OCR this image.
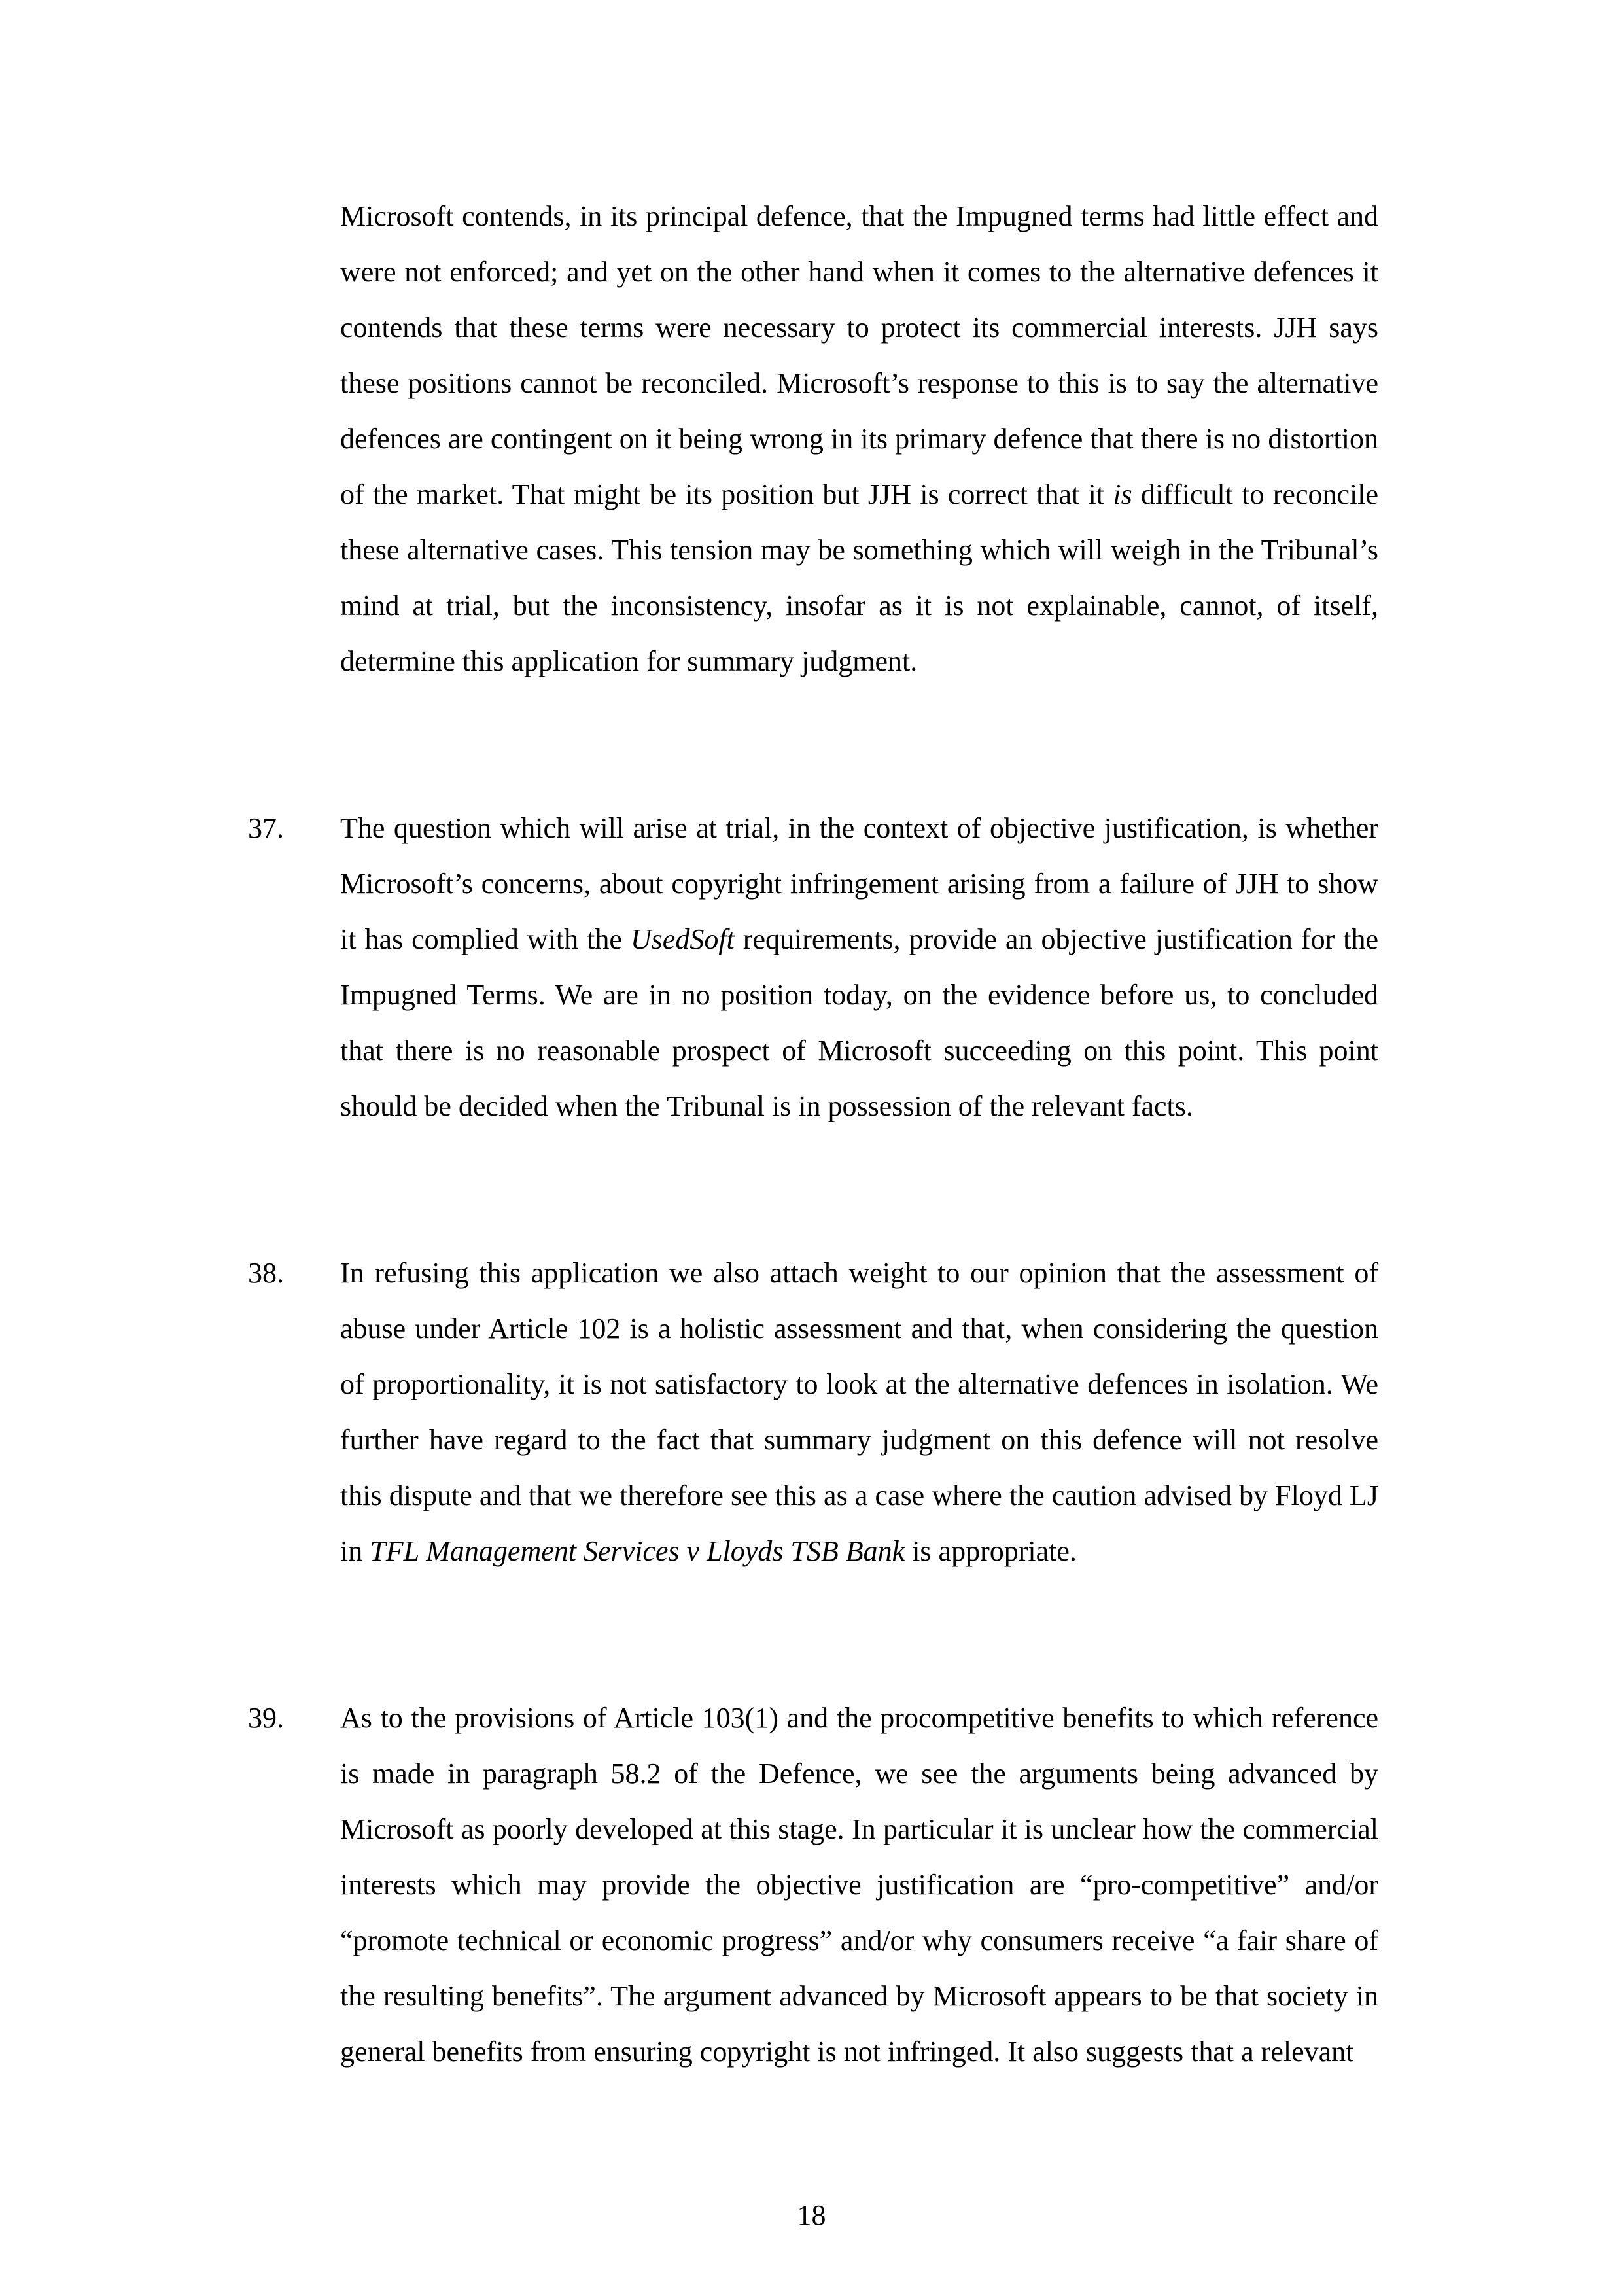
Microsoft contends, in its principal defence, that the Impugned terms had little effect and were not enforced; and yet on the other hand when it comes to the alternative defences it contends that these terms were necessary to protect its commercial interests. JJH says these positions cannot be reconciled. Microsoft’s response to this is to say the alternative defences are contingent on it being wrong in its primary defence that there is no distortion of the market. That might be its position but JJH is correct that it is difficult to reconcile these alternative cases. This tension may be something which will weigh in the Tribunal’s mind at trial, but the inconsistency, insofar as it is not explainable, cannot, of itself, determine this application for summary judgment.
37. The question which will arise at trial, in the context of objective justification, is whether Microsoft’s concerns, about copyright infringement arising from a failure of JJH to show it has complied with the UsedSoft requirements, provide an objective justification for the Impugned Terms. We are in no position today, on the evidence before us, to concluded that there is no reasonable prospect of Microsoft succeeding on this point. This point should be decided when the Tribunal is in possession of the relevant facts.
38. In refusing this application we also attach weight to our opinion that the assessment of abuse under Article 102 is a holistic assessment and that, when considering the question of proportionality, it is not satisfactory to look at the alternative defences in isolation. We further have regard to the fact that summary judgment on this defence will not resolve this dispute and that we therefore see this as a case where the caution advised by Floyd LJ in TFL Management Services v Lloyds TSB Bank is appropriate.
39. As to the provisions of Article 103(1) and the procompetitive benefits to which reference is made in paragraph 58.2 of the Defence, we see the arguments being advanced by Microsoft as poorly developed at this stage. In particular it is unclear how the commercial interests which may provide the objective justification are “pro-competitive” and/or “promote technical or economic progress” and/or why consumers receive “a fair share of the resulting benefits”. The argument advanced by Microsoft appears to be that society in general benefits from ensuring copyright is not infringed. It also suggests that a relevant
18
